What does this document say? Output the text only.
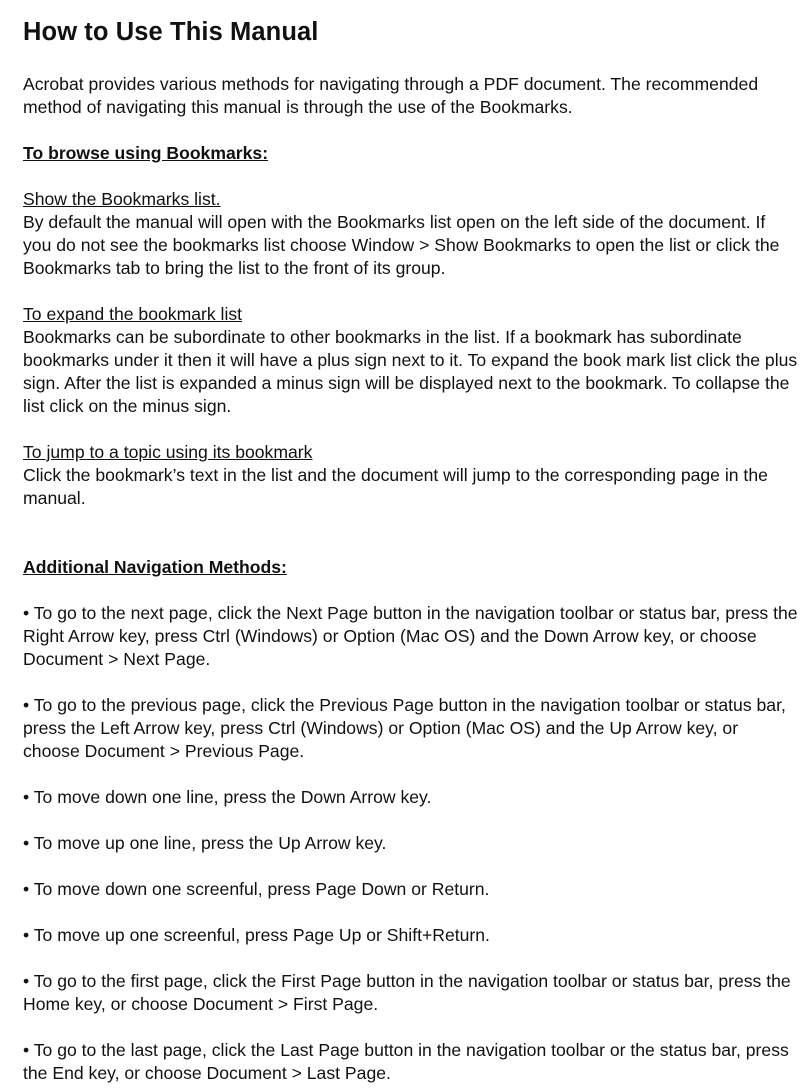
How to Use This Manual

Acrobat provides various methods for navigating through a PDF document. The recommended method of navigating this manual is through the use of the Bookmarks.

To browse using Bookmarks:

Show the Bookmarks list.

By default the manual will open with the Bookmarks list open on the left side of the document. If you do not see the bookmarks list choose Window > Show Bookmarks to open the list or click the Bookmarks tab to bring the list to the front of its group.

To expand the bookmark list

Bookmarks can be subordinate to other bookmarks in the list. If a bookmark has subordinate bookmarks under it then it will have a plus sign next to it. To expand the book mark list click the plus sign. After the list is expanded a minus sign will be displayed next to the bookmark. To collapse the list click on the minus sign.

To jump to a topic using its bookmark

Click the bookmark’s text in the list and the document will jump to the corresponding page in the manual.

Additional Navigation Methods:

• To go to the next page, click the Next Page button in the navigation toolbar or status bar, press the Right Arrow key, press Ctrl (Windows) or Option (Mac OS) and the Down Arrow key, or choose Document > Next Page.

• To go to the previous page, click the Previous Page button in the navigation toolbar or status bar, press the Left Arrow key, press Ctrl (Windows) or Option (Mac OS) and the Up Arrow key, or choose Document > Previous Page.

• To move down one line, press the Down Arrow key.

• To move up one line, press the Up Arrow key.

• To move down one screenful, press Page Down or Return.

• To move up one screenful, press Page Up or Shift+Return.

• To go to the first page, click the First Page button in the navigation toolbar or status bar, press the Home key, or choose Document > First Page.

• To go to the last page, click the Last Page button in the navigation toolbar or the status bar, press the End key, or choose Document > Last Page.
